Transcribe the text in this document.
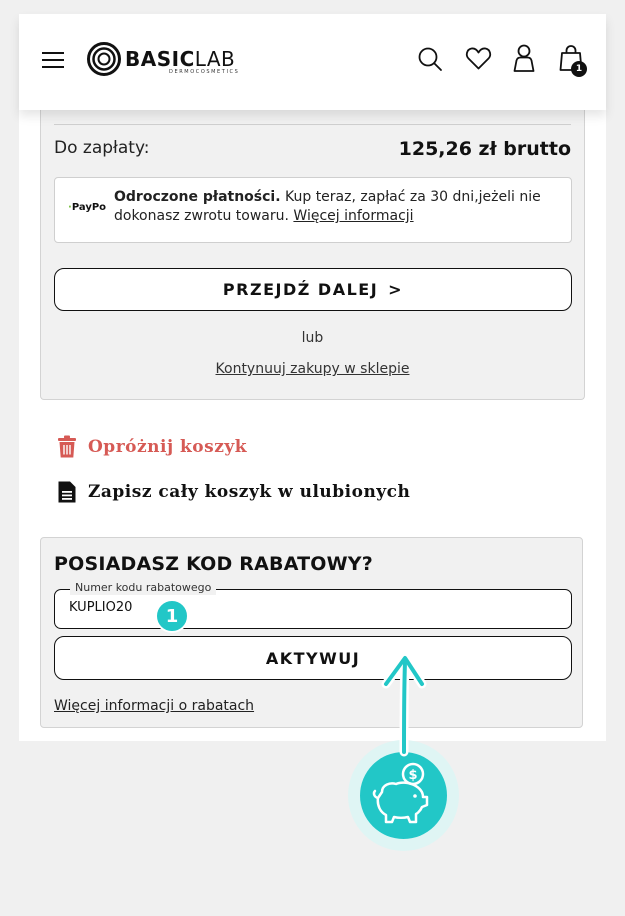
BASICLAB
DERMOCOSMETICS	1
Do zapłaty:	125,26 zł brutto
·PayPo
Odroczone płatności. Kup teraz, zapłać za 30 dni,jeżeli nie dokonasz zwrotu towaru. Więcej informacji
PRZEJDŹ DALEJ >
lub
Kontynuuj zakupy w sklepie
Opróżnij koszyk
Zapisz cały koszyk w ulubionych
POSIADASZ KOD RABATOWY?
Numer kodu rabatowego
KUPLIO20
1
AKTYWUJ
Więcej informacji o rabatach
$
